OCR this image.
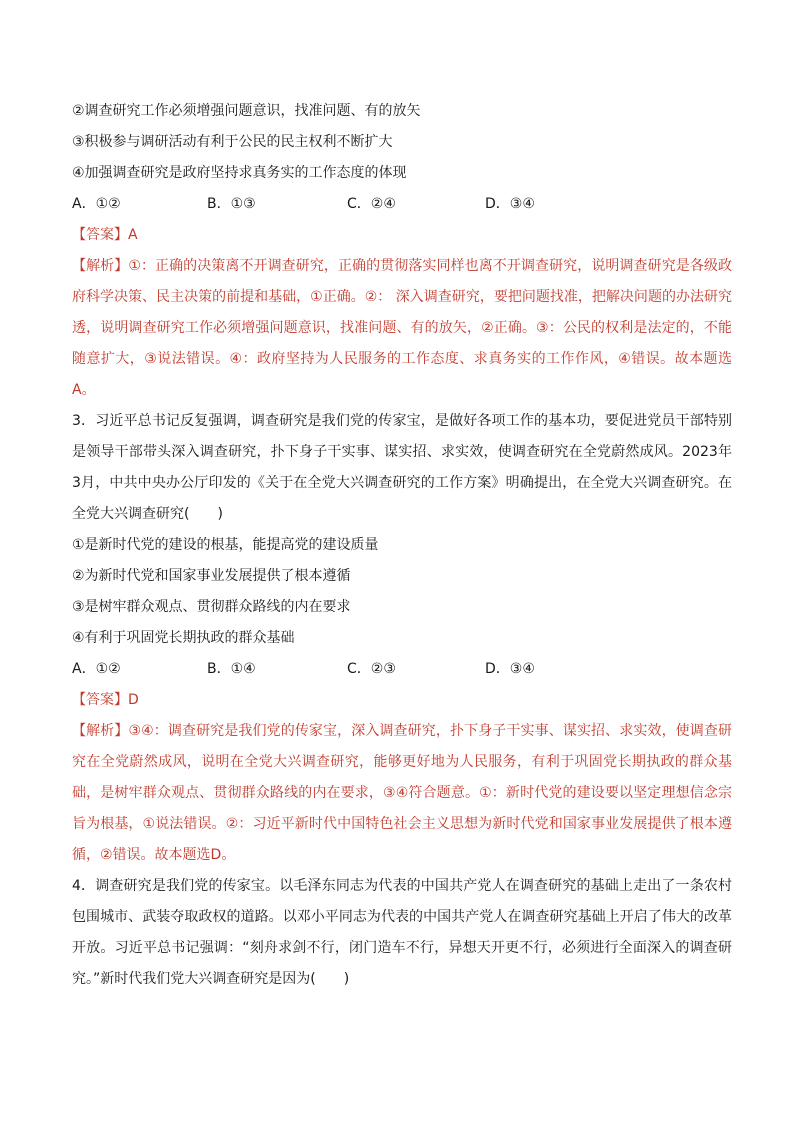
②调查研究工作必须增强问题意识，找准问题、有的放矢
③积极参与调研活动有利于公民的民主权利不断扩大
④加强调查研究是政府坚持求真务实的工作态度的体现
A．①②	B．①③	C．②④	D．③④
【答案】A
【解析】①：正确的决策离不开调查研究，正确的贯彻落实同样也离不开调查研究，说明调查研究是各级政府科学决策、民主决策的前提和基础，①正确。②： 深入调查研究，要把问题找准，把解决问题的办法研究透，说明调查研究工作必须增强问题意识，找准问题、有的放矢，②正确。③：公民的权利是法定的，不能随意扩大，③说法错误。④：政府坚持为人民服务的工作态度、求真务实的工作作风，④错误。故本题选A。
3．习近平总书记反复强调，调查研究是我们党的传家宝，是做好各项工作的基本功，要促进党员干部特别是领导干部带头深入调查研究，扑下身子干实事、谋实招、求实效，使调查研究在全党蔚然成风。2023年3月，中共中央办公厅印发的《关于在全党大兴调查研究的工作方案》明确提出，在全党大兴调查研究。在全党大兴调查研究(　　)
①是新时代党的建设的根基，能提高党的建设质量
②为新时代党和国家事业发展提供了根本遵循
③是树牢群众观点、贯彻群众路线的内在要求
④有利于巩固党长期执政的群众基础
A．①②	B．①④	C．②③	D．③④
【答案】D
【解析】③④：调查研究是我们党的传家宝，深入调查研究，扑下身子干实事、谋实招、求实效，使调查研究在全党蔚然成风，说明在全党大兴调查研究，能够更好地为人民服务，有利于巩固党长期执政的群众基础，是树牢群众观点、贯彻群众路线的内在要求，③④符合题意。①：新时代党的建设要以坚定理想信念宗旨为根基，①说法错误。②：习近平新时代中国特色社会主义思想为新时代党和国家事业发展提供了根本遵循，②错误。故本题选D。
4．调查研究是我们党的传家宝。以毛泽东同志为代表的中国共产党人在调查研究的基础上走出了一条农村包围城市、武装夺取政权的道路。以邓小平同志为代表的中国共产党人在调查研究基础上开启了伟大的改革开放。习近平总书记强调：“刻舟求剑不行，闭门造车不行，异想天开更不行，必须进行全面深入的调查研究。”新时代我们党大兴调查研究是因为(　　)
